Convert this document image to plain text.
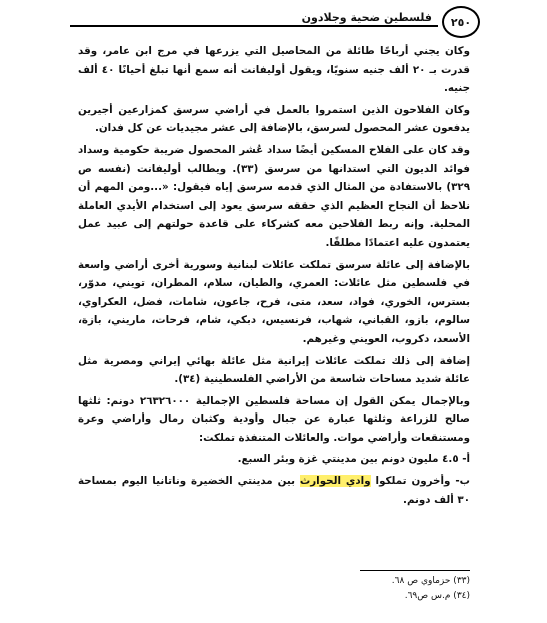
فلسطين ضحية وجلادون ٢٥٠

وكان يجني أرباحًا طائلة من المحاصيل التي يزرعها في مرج ابن عامر، وقد قدرت بـ ٢٠ ألف جنيه سنويًا، ويقول أوليفانت أنه سمع أنها تبلغ أحيانًا ٤٠ ألف جنيه.

وكان الفلاحون الذين استمروا بالعمل في أراضي سرسق كمزارعين أجيرين يدفعون عشر المحصول لسرسق، بالإضافة إلى عشر مجيديات عن كل فدان.

وقد كان على الفلاح المسكين أيضًا سداد عُشر المحصول ضريبة حكومية وسداد فوائد الديون التي استدانها من سرسق (٣٣). ويطالب أوليفانت (نفسه ص ٣٢٩) بالاستفادة من المثال الذي قدمه سرسق إياه فيقول: «...ومن المهم أن نلاحظ أن النجاح العظيم الذي حققه سرسق يعود إلى استخدام الأيدي العاملة المحلية. وإنه ربط الفلاحين معه كشركاء على قاعدة حولتهم إلى عبيد عمل يعتمدون عليه اعتمادًا مطلقًا.

بالإضافة إلى عائلة سرسق تملكت عائلات لبنانية وسورية أخرى أراضي واسعة في فلسطين مثل عائلات: العمري، والطيان، سلام، المطران، تويني، مدوّر، بسترس، الخوري، فواد، سعد، متى، فرح، جاعون، شامات، فضل، العكراوي، سالوم، بازو، القباني، شهاب، فرنسيس، دبكي، شام، فرحات، ماريني، بازة، الأسعد، دكروب، العويني وغيرهم.

إضافة إلى ذلك تملكت عائلات إيرانية مثل عائلة بهائي إيراني ومصرية مثل عائلة شديد مساحات شاسعة من الأراضي الفلسطينية (٣٤).

وبالإجمال يمكن القول إن مساحة فلسطين الإجمالية ٢٦٣٢٦٠٠٠ دونم: ثلثها صالح للزراعة وثلثها عبارة عن جبال وأودية وكثبان رمال وأراضي وعرة ومستنقعات وأراضي موات. والعائلات المتنفذة تملكت:

أ- ٤.٥ مليون دونم بين مدينتي غزة وبئر السبع.

ب- وأخرون تملكوا وادي الحوارث بين مدينتي الخضيرة وناتانيا اليوم بمساحة ٣٠ ألف دونم.

(٣٣) حزماوي ص ٦٨.
(٣٤) م.س ص٦٩.
